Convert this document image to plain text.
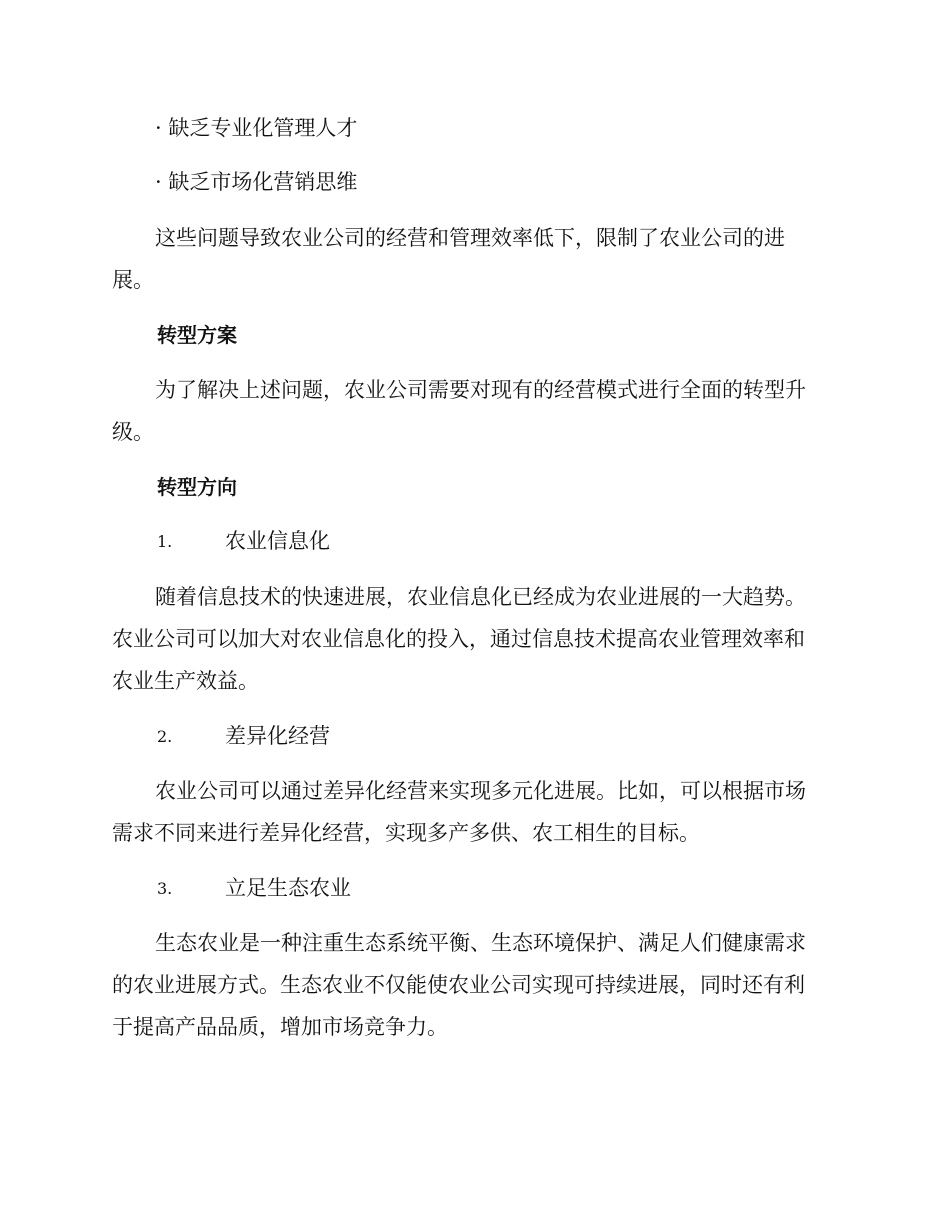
· 缺乏专业化管理人才
· 缺乏市场化营销思维
这些问题导致农业公司的经营和管理效率低下，限制了农业公司的进
展。
转型方案
为了解决上述问题，农业公司需要对现有的经营模式进行全面的转型升
级。
转型方向
1.	农业信息化
随着信息技术的快速进展，农业信息化已经成为农业进展的一大趋势。
农业公司可以加大对农业信息化的投入，通过信息技术提高农业管理效率和
农业生产效益。
2.	差异化经营
农业公司可以通过差异化经营来实现多元化进展。比如，可以根据市场
需求不同来进行差异化经营，实现多产多供、农工相生的目标。
3.	立足生态农业
生态农业是一种注重生态系统平衡、生态环境保护、满足人们健康需求
的农业进展方式。生态农业不仅能使农业公司实现可持续进展，同时还有利
于提高产品品质，增加市场竞争力。
